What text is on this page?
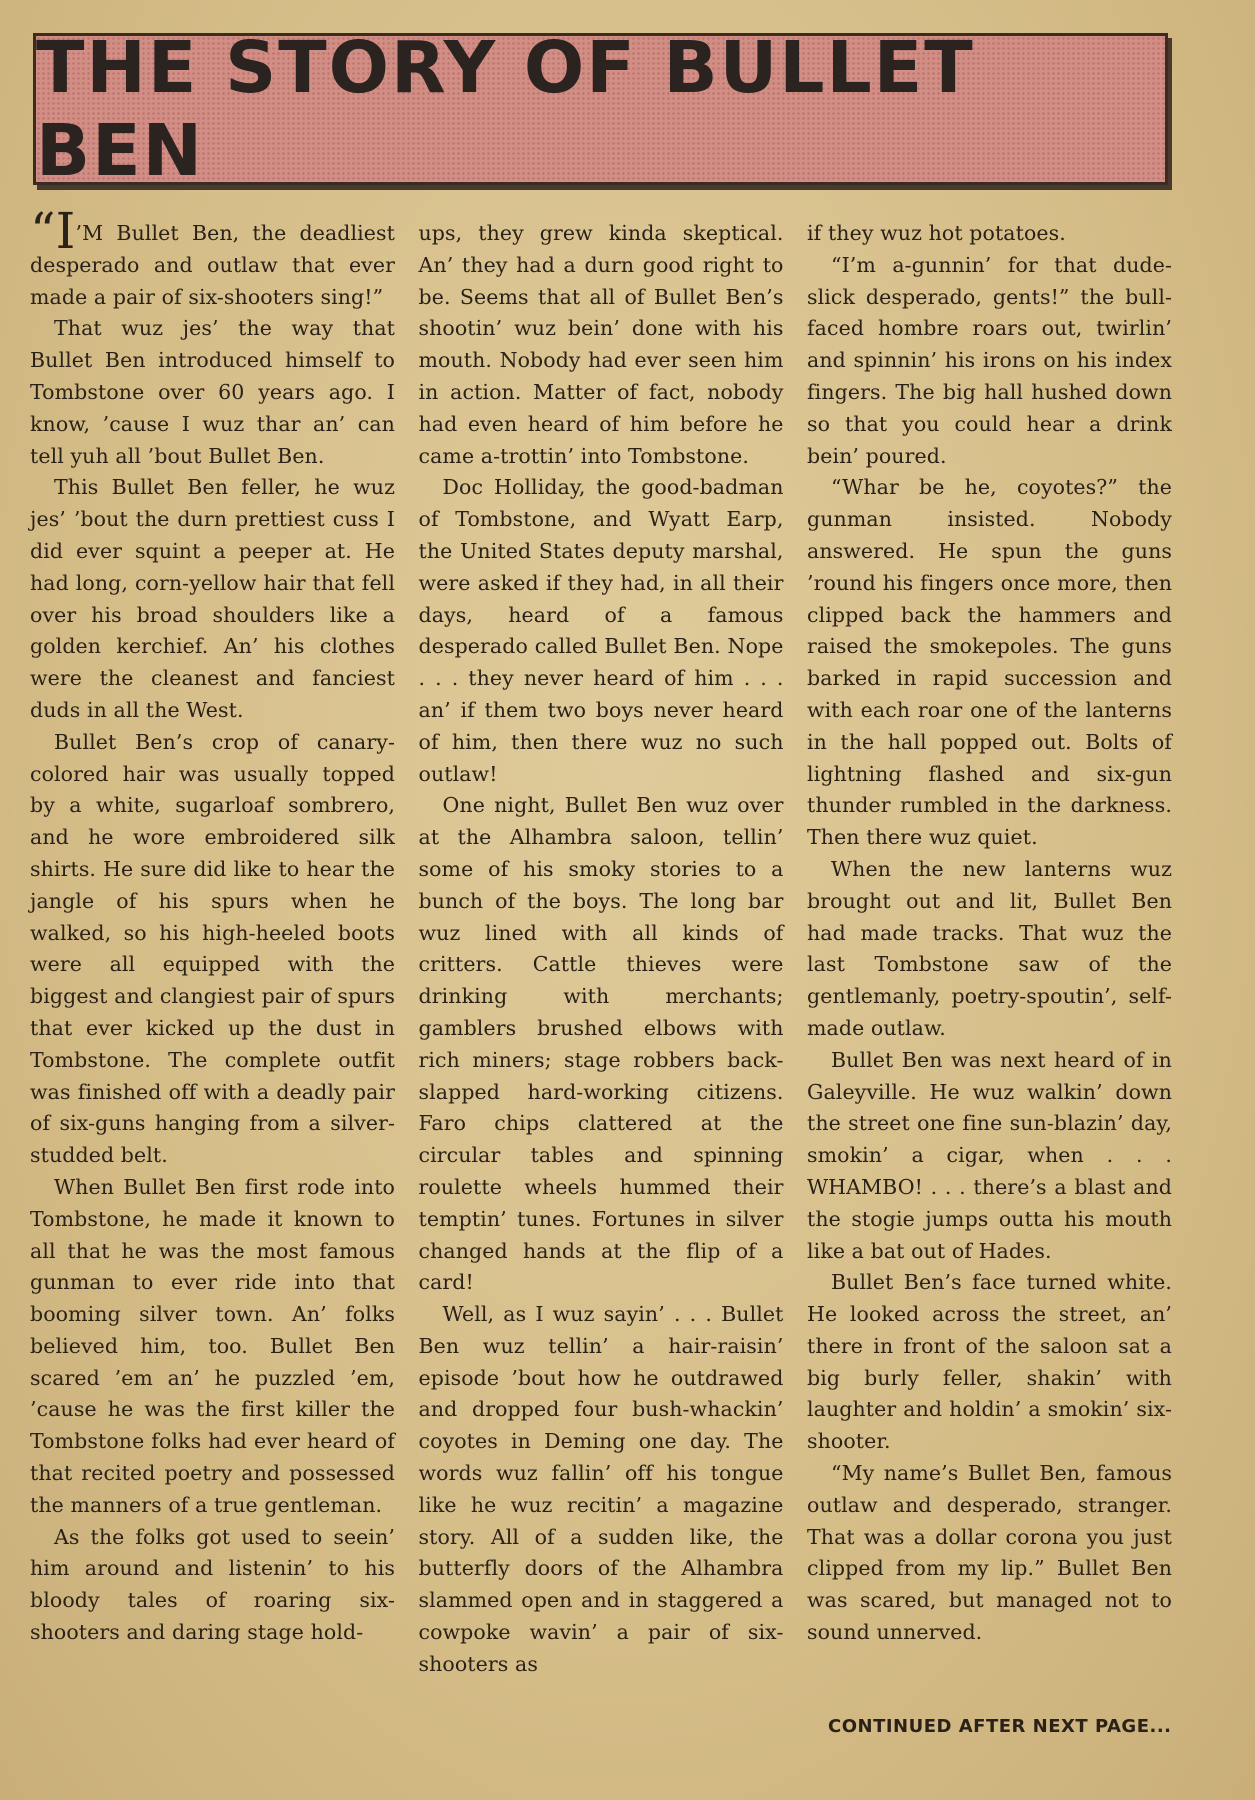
THE STORY OF BULLET BEN

“I’M Bullet Ben, the deadliest desperado and outlaw that ever made a pair of six-shooters sing!”

That wuz jes’ the way that Bullet Ben introduced himself to Tombstone over 60 years ago. I know, ’cause I wuz thar an’ can tell yuh all ’bout Bullet Ben.

This Bullet Ben feller, he wuz jes’ ’bout the durn prettiest cuss I did ever squint a peeper at. He had long, corn-yellow hair that fell over his broad shoulders like a golden kerchief. An’ his clothes were the cleanest and fanciest duds in all the West.

Bullet Ben’s crop of canary-colored hair was usually topped by a white, sugarloaf sombrero, and he wore embroidered silk shirts. He sure did like to hear the jangle of his spurs when he walked, so his high-heeled boots were all equipped with the biggest and clangiest pair of spurs that ever kicked up the dust in Tombstone. The complete outfit was finished off with a deadly pair of six-guns hanging from a silver-studded belt.

When Bullet Ben first rode into Tombstone, he made it known to all that he was the most famous gunman to ever ride into that booming silver town. An’ folks believed him, too. Bullet Ben scared ’em an’ he puzzled ’em, ’cause he was the first killer the Tombstone folks had ever heard of that recited poetry and possessed the manners of a true gentleman.

As the folks got used to seein’ him around and listenin’ to his bloody tales of roaring six-shooters and daring stage hold-

ups, they grew kinda skeptical. An’ they had a durn good right to be. Seems that all of Bullet Ben’s shootin’ wuz bein’ done with his mouth. Nobody had ever seen him in action. Matter of fact, nobody had even heard of him before he came a-trottin’ into Tombstone.

Doc Holliday, the good-badman of Tombstone, and Wyatt Earp, the United States deputy marshal, were asked if they had, in all their days, heard of a famous desperado called Bullet Ben. Nope . . . they never heard of him . . . an’ if them two boys never heard of him, then there wuz no such outlaw!

One night, Bullet Ben wuz over at the Alhambra saloon, tellin’ some of his smoky stories to a bunch of the boys. The long bar wuz lined with all kinds of critters. Cattle thieves were drinking with merchants; gamblers brushed elbows with rich miners; stage robbers back-slapped hard-working citizens. Faro chips clattered at the circular tables and spinning roulette wheels hummed their temptin’ tunes. Fortunes in silver changed hands at the flip of a card!

Well, as I wuz sayin’ . . . Bullet Ben wuz tellin’ a hair-raisin’ episode ’bout how he outdrawed and dropped four bush-whackin’ coyotes in Deming one day. The words wuz fallin’ off his tongue like he wuz recitin’ a magazine story. All of a sudden like, the butterfly doors of the Alhambra slammed open and in staggered a cowpoke wavin’ a pair of six-shooters as

if they wuz hot potatoes.

“I’m a-gunnin’ for that dude-slick desperado, gents!” the bull-faced hombre roars out, twirlin’ and spinnin’ his irons on his index fingers. The big hall hushed down so that you could hear a drink bein’ poured.

“Whar be he, coyotes?” the gunman insisted. Nobody answered. He spun the guns ’round his fingers once more, then clipped back the hammers and raised the smokepoles. The guns barked in rapid succession and with each roar one of the lanterns in the hall popped out. Bolts of lightning flashed and six-gun thunder rumbled in the darkness. Then there wuz quiet.

When the new lanterns wuz brought out and lit, Bullet Ben had made tracks. That wuz the last Tombstone saw of the gentlemanly, poetry-spoutin’, self-made outlaw.

Bullet Ben was next heard of in Galeyville. He wuz walkin’ down the street one fine sun-blazin’ day, smokin’ a cigar, when . . . WHAMBO! . . . there’s a blast and the stogie jumps outta his mouth like a bat out of Hades.

Bullet Ben’s face turned white. He looked across the street, an’ there in front of the saloon sat a big burly feller, shakin’ with laughter and holdin’ a smokin’ six-shooter.

“My name’s Bullet Ben, famous outlaw and desperado, stranger. That was a dollar corona you just clipped from my lip.” Bullet Ben was scared, but managed not to sound unnerved.

CONTINUED AFTER NEXT PAGE...
